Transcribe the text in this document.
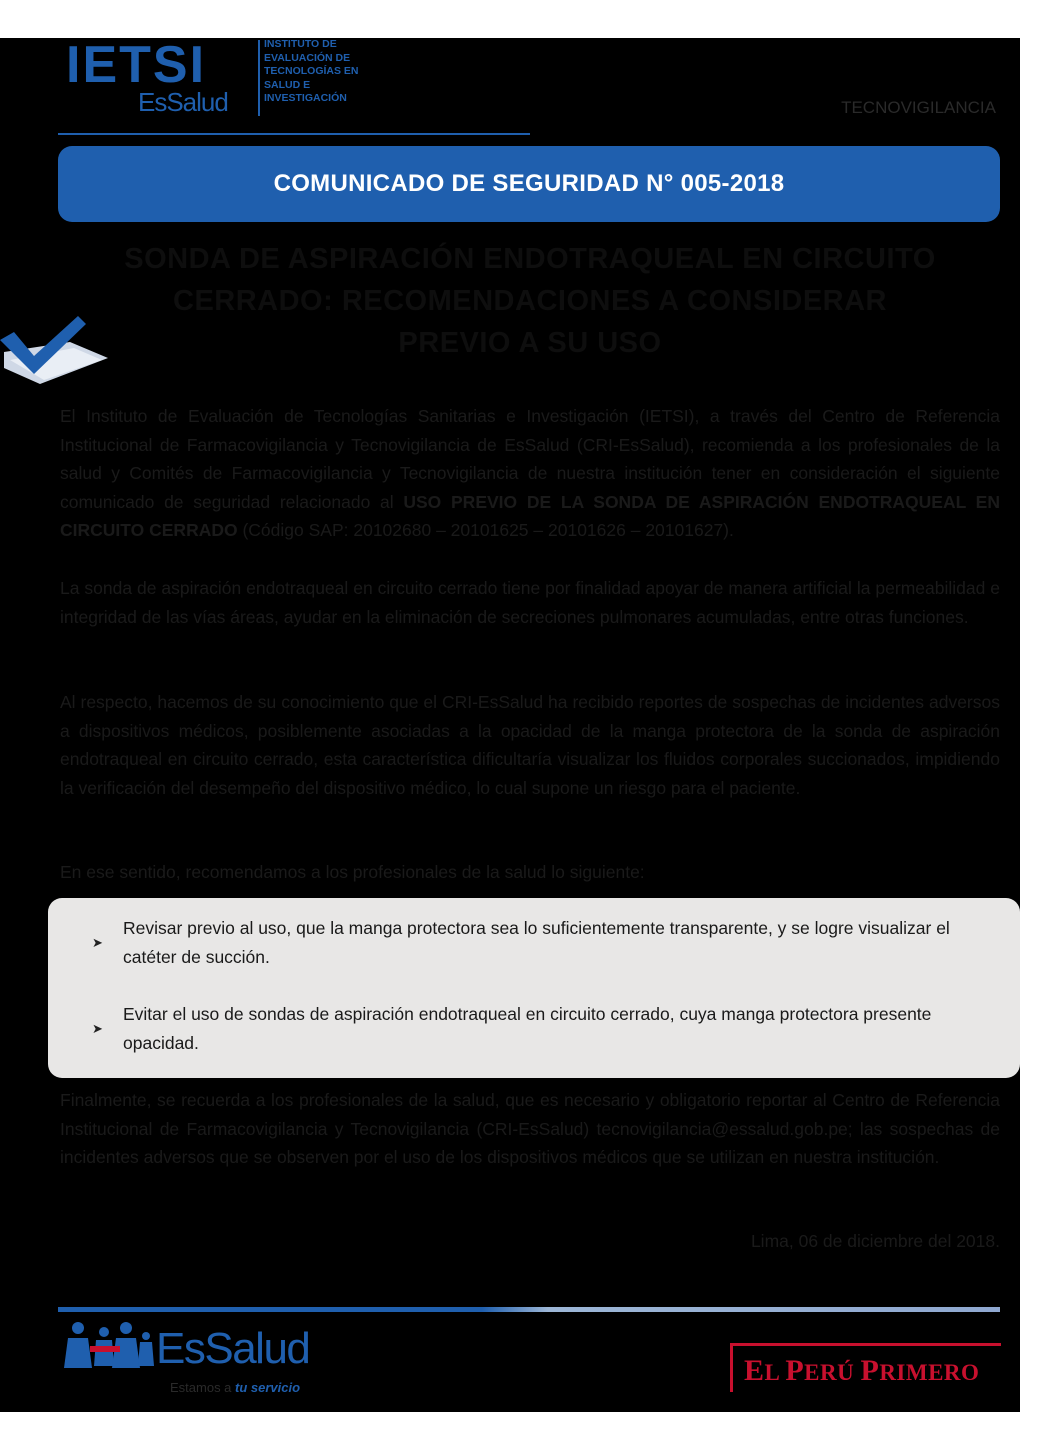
IETSI
EsSalud
INSTITUTO DE
EVALUACIÓN DE
TECNOLOGÍAS EN
SALUD E
INVESTIGACIÓN	TECNOVIGILANCIA
COMUNICADO DE SEGURIDAD N° 005-2018
SONDA DE ASPIRACIÓN ENDOTRAQUEAL EN CIRCUITO
CERRADO: RECOMENDACIONES A CONSIDERAR
PREVIO A SU USO
El Instituto de Evaluación de Tecnologías Sanitarias e Investigación (IETSI), a través del Centro de Referencia Institucional de Farmacovigilancia y Tecnovigilancia de EsSalud (CRI-EsSalud), recomienda a los profesionales de la salud y Comités de Farmacovigilancia y Tecnovigilancia de nuestra institución tener en consideración el siguiente comunicado de seguridad relacionado al USO PREVIO DE LA SONDA DE ASPIRACIÓN ENDOTRAQUEAL EN CIRCUITO CERRADO (Código SAP: 20102680 – 20101625 – 20101626 – 20101627).
La sonda de aspiración endotraqueal en circuito cerrado tiene por finalidad apoyar de manera artificial la permeabilidad e integridad de las vías áreas, ayudar en la eliminación de secreciones pulmonares acumuladas, entre otras funciones.
Al respecto, hacemos de su conocimiento que el CRI-EsSalud ha recibido reportes de sospechas de incidentes adversos a dispositivos médicos, posiblemente asociadas a la opacidad de la manga protectora de la sonda de aspiración endotraqueal en circuito cerrado, esta característica dificultaría visualizar los fluidos corporales succionados, impidiendo la verificación del desempeño del dispositivo médico, lo cual supone un riesgo para el paciente.
En ese sentido, recomendamos a los profesionales de la salud lo siguiente:
➤
Revisar previo al uso, que la manga protectora sea lo suficientemente transparente, y se logre visualizar el catéter de succión.
➤
Evitar el uso de sondas de aspiración endotraqueal en circuito cerrado, cuya manga protectora presente opacidad.
Finalmente, se recuerda a los profesionales de la salud, que es necesario y obligatorio reportar al Centro de Referencia Institucional de Farmacovigilancia y Tecnovigilancia (CRI-EsSalud) tecnovigilancia@essalud.gob.pe; las sospechas de incidentes adversos que se observen por el uso de los dispositivos médicos que se utilizan en nuestra institución.
Lima, 06 de diciembre del 2018.
EsSalud
Estamos a tu servicio
EL PERÚ PRIMERO
